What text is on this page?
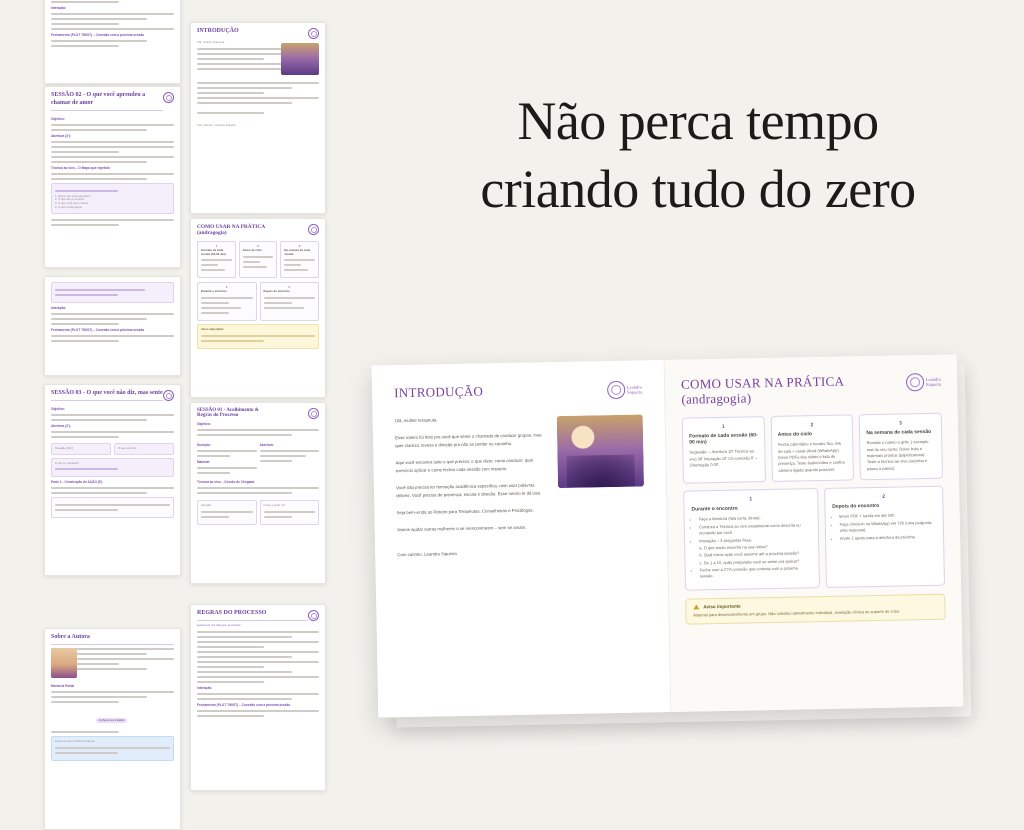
Não perca tempo
criando tudo do zero
Interação:
Fechamento (PLOT TWIST) – Conexão com a próxima sessão
SESSÃO 02 - O que você aprendeu a chamar de amor
Objetivo:
Abertura (3'):
Técnica ao vivo – O Mapa que repetido
1. Nome que você aprendeu:
2. O que ele te ensinou:
3. O que você quer manter:
4. O que muda agora:
Interação:
Fechamento (PLOT TWIST) – Conexão com a próxima sessão
SESSÃO 03 - O que você não diz, mas sente
Objetivo:
Abertura (3'):
Situação (Dor)	O que eu sinto
O que eu gostaria?
Parte 1 - Construção de AÇÃO (5')
Sobre a Autora
Mentoria Portal
conheça meu trabalho
Anote os seus 3 limites internos
INTRODUÇÃO
Olá, mulher terapeuta.
Com carinho, Leandra Siqueira
COMO USAR NA PRÁTICA
(andragogia)
1
Formato de cada sessão (60-90 min)
2
Antes do ciclo
3
Na semana de cada sessão
1
Durante o encontro
2
Depois do encontro
Aviso importante
SESSÃO 01 - Acolhimento &
Regras do Processo
Objetivo:
Duração:
Material:
Abertura:
Técnica ao vivo – Círculo de Chegada
Atenção:	Frase a partir (2'):
REGRAS DO PROCESSO
Leitura em voz alta (por se ensina)
Interação:
Fechamento (PLOT TWIST) – Conexão com a próxima sessão
INTRODUÇÃO	Leandra
Siqueira

Olá, mulher terapeuta.

Esse roteiro foi feito pra você que sente o chamado de conduzir grupos, mas quer clareza, leveza e direção pra não se perder no caminho.

Aqui você encontra tudo o que precisa: o que dizer, como conduzir, qual exercício aplicar e como fechar cada sessão com impacto.

Você não precisa ter formação acadêmica específica, nem usar palavras difíceis. Você precisa de presença, escuta e direção. Esse roteiro te dá isso.

Seja bem-vinda ao Roteiro para Terapeutas, Conselheiras e Psicólogas.

Vamos ajudar outras mulheres a se reencontrarem – sem se anular.

Com carinho, Leandra Siqueira

COMO USAR NA PRÁTICA
(andragogia)
Leandra
Siqueira
1
Formato de cada sessão (60-90 min)

Sugestão: – Abertura 10' Técnica ao vivo 30' Interação 10' Cô-conexão 0' – Orientação 0-30'

2
Antes do ciclo

Fecha calendário e horário fixo, link de sala + canal oficial (WhatsApp). Envie PDFs dos slides e lista de presença. Teste áudio/vídeo e confira câmera ligada quando possível.

3
Na semana de cada sessão

Revisite o roteiro e grife 1 exemplo real do seu nicho. Deixe links e materiais prontos (papel/caneta). Teste a técnica ao vivo (sozinha e passo a passo).

1
Durante o encontro
• Faça a Abertura (fala curta, direta).
• Conduza a Técnica ao vivo exatamente como descrita ou recriando por você.
• Interação – 3 perguntas fixas:
a. O que mudo enxerhá na sua rotina?
b. Qual micro-ação você assume até a próxima sessão?
c. De 1 a 10, quão preparada você se sente pra aplicar?
• Feche com a CTA conexão que conecta com a próxima sessão.
2
Depois do encontro
• Envie PDF + tarefa em até 24h.
• Faça check-in no WhatsApp em 72h (uma pergunta, uma resposta).
• Anote 1 ajuste para a abertura da próxima.
Aviso importante

Material para desenvolvimento em grupo. Não substitui atendimento individual, avaliação clínica ou suporte de crise.
